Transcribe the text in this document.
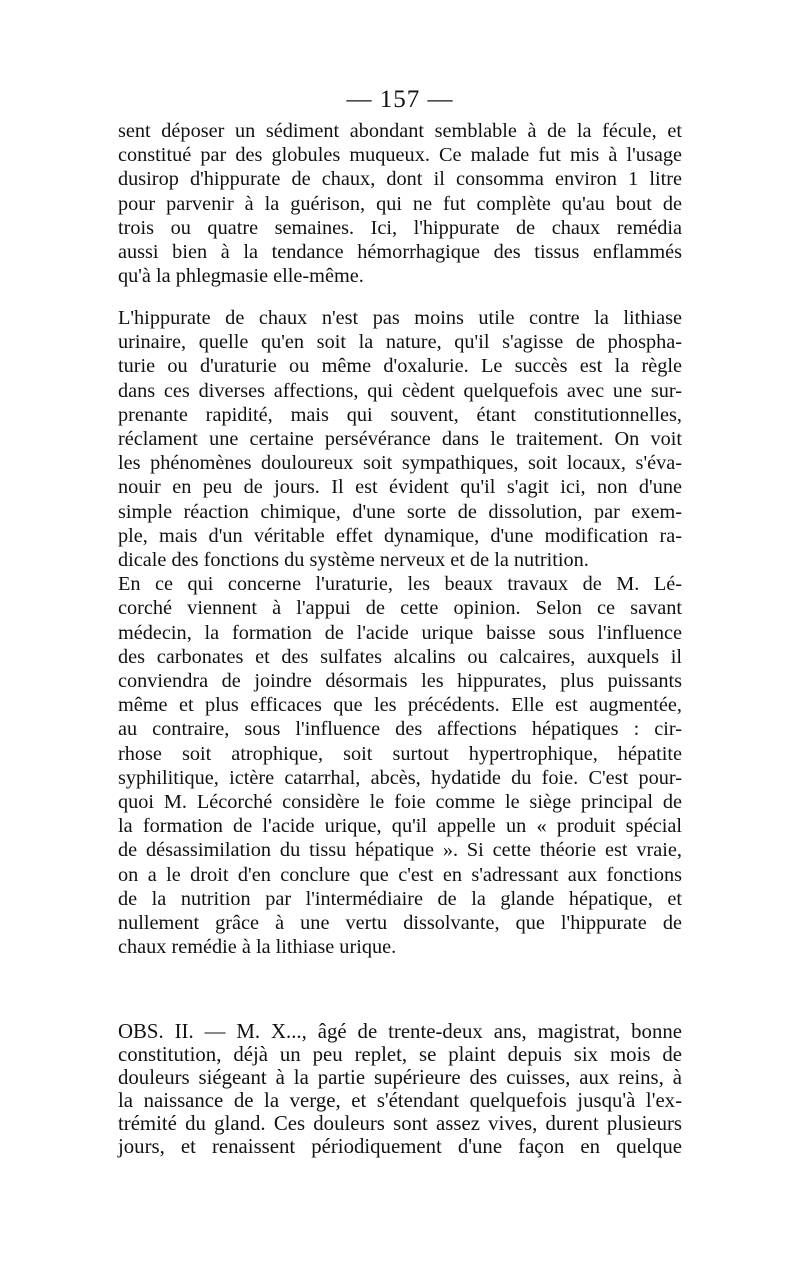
— 157 —
sent déposer un sédiment abondant semblable à de la fécule, et
constitué par des globules muqueux. Ce malade fut mis à l'usage
dusirop d'hippurate de chaux, dont il consomma environ 1 litre
pour parvenir à la guérison, qui ne fut complète qu'au bout de
trois ou quatre semaines. Ici, l'hippurate de chaux remédia
aussi bien à la tendance hémorrhagique des tissus enflammés
qu'à la phlegmasie elle-même.
L'hippurate de chaux n'est pas moins utile contre la lithiase
urinaire, quelle qu'en soit la nature, qu'il s'agisse de phospha-
turie ou d'uraturie ou même d'oxalurie. Le succès est la règle
dans ces diverses affections, qui cèdent quelquefois avec une sur-
prenante rapidité, mais qui souvent, étant constitutionnelles,
réclament une certaine persévérance dans le traitement. On voit
les phénomènes douloureux soit sympathiques, soit locaux, s'éva-
nouir en peu de jours. Il est évident qu'il s'agit ici, non d'une
simple réaction chimique, d'une sorte de dissolution, par exem-
ple, mais d'un véritable effet dynamique, d'une modification ra-
dicale des fonctions du système nerveux et de la nutrition.
En ce qui concerne l'uraturie, les beaux travaux de M. Lé-
corché viennent à l'appui de cette opinion. Selon ce savant
médecin, la formation de l'acide urique baisse sous l'influence
des carbonates et des sulfates alcalins ou calcaires, auxquels il
conviendra de joindre désormais les hippurates, plus puissants
même et plus efficaces que les précédents. Elle est augmentée,
au contraire, sous l'influence des affections hépatiques : cir-
rhose soit atrophique, soit surtout hypertrophique, hépatite
syphilitique, ictère catarrhal, abcès, hydatide du foie. C'est pour-
quoi M. Lécorché considère le foie comme le siège principal de
la formation de l'acide urique, qu'il appelle un « produit spécial
de désassimilation du tissu hépatique ». Si cette théorie est vraie,
on a le droit d'en conclure que c'est en s'adressant aux fonctions
de la nutrition par l'intermédiaire de la glande hépatique, et
nullement grâce à une vertu dissolvante, que l'hippurate de
chaux remédie à la lithiase urique.
OBS. II. — M. X..., âgé de trente-deux ans, magistrat, bonne
constitution, déjà un peu replet, se plaint depuis six mois de
douleurs siégeant à la partie supérieure des cuisses, aux reins, à
la naissance de la verge, et s'étendant quelquefois jusqu'à l'ex-
trémité du gland. Ces douleurs sont assez vives, durent plusieurs
jours, et renaissent périodiquement d'une façon en quelque
